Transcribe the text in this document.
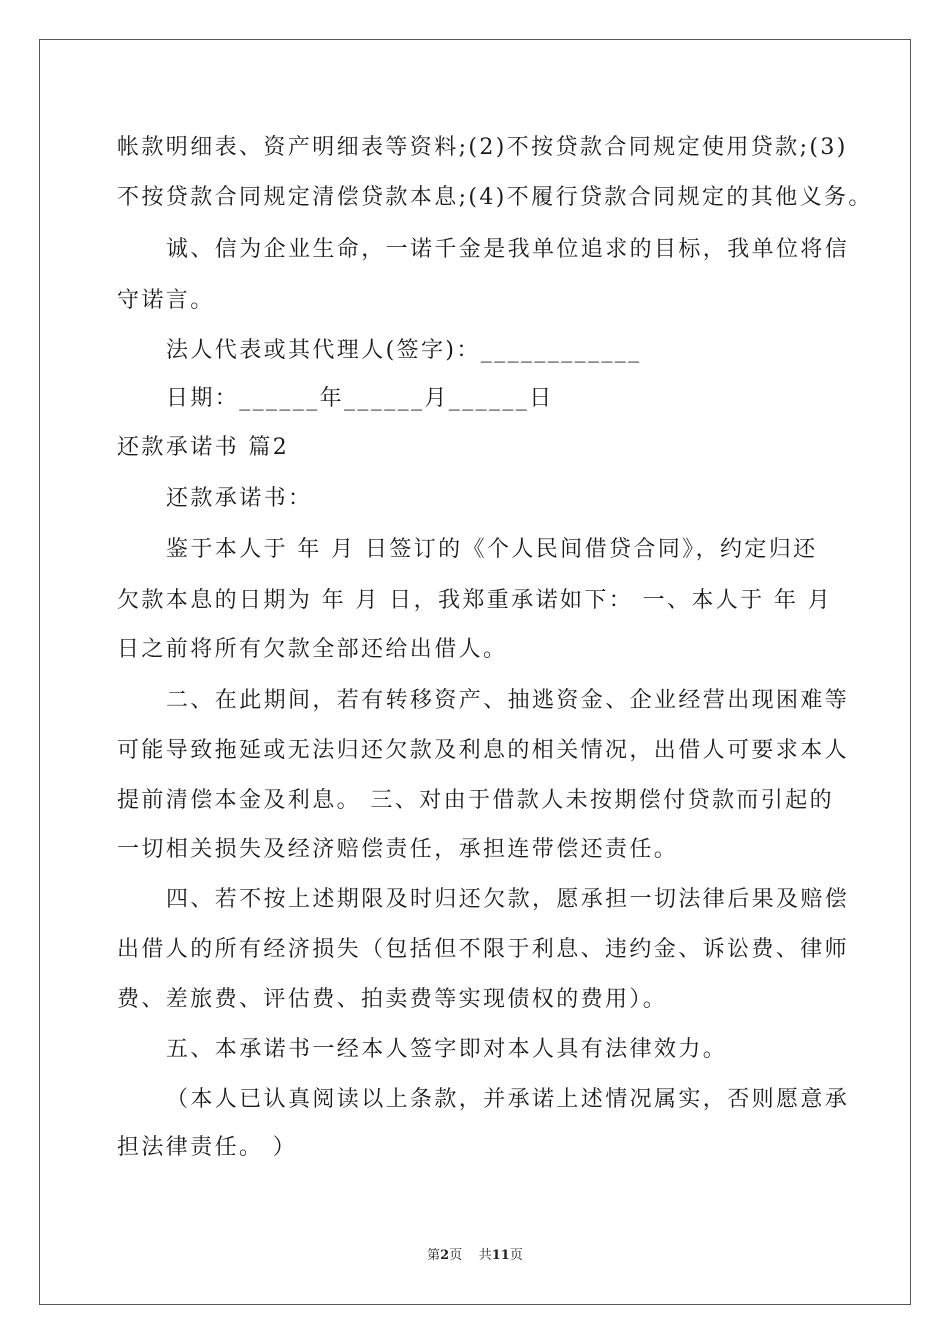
帐款明细表、资产明细表等资料;(2)不按贷款合同规定使用贷款;(3)
不按贷款合同规定清偿贷款本息;(4)不履行贷款合同规定的其他义务。
诚、信为企业生命，一诺千金是我单位追求的目标，我单位将信
守诺言。
法人代表或其代理人(签字)：____________
日期：______年______月______日
还款承诺书 篇2
还款承诺书：
鉴于本人于 年 月 日签订的《个人民间借贷合同》，约定归还
欠款本息的日期为 年 月 日，我郑重承诺如下： 一、本人于 年 月
日之前将所有欠款全部还给出借人。
二、在此期间，若有转移资产、抽逃资金、企业经营出现困难等
可能导致拖延或无法归还欠款及利息的相关情况，出借人可要求本人
提前清偿本金及利息。 三、对由于借款人未按期偿付贷款而引起的
一切相关损失及经济赔偿责任，承担连带偿还责任。
四、若不按上述期限及时归还欠款，愿承担一切法律后果及赔偿
出借人的所有经济损失（包括但不限于利息、违约金、诉讼费、律师
费、差旅费、评估费、拍卖费等实现债权的费用）。
五、本承诺书一经本人签字即对本人具有法律效力。
（本人已认真阅读以上条款，并承诺上述情况属实，否则愿意承
担法律责任。 ）
第2页 共11页
